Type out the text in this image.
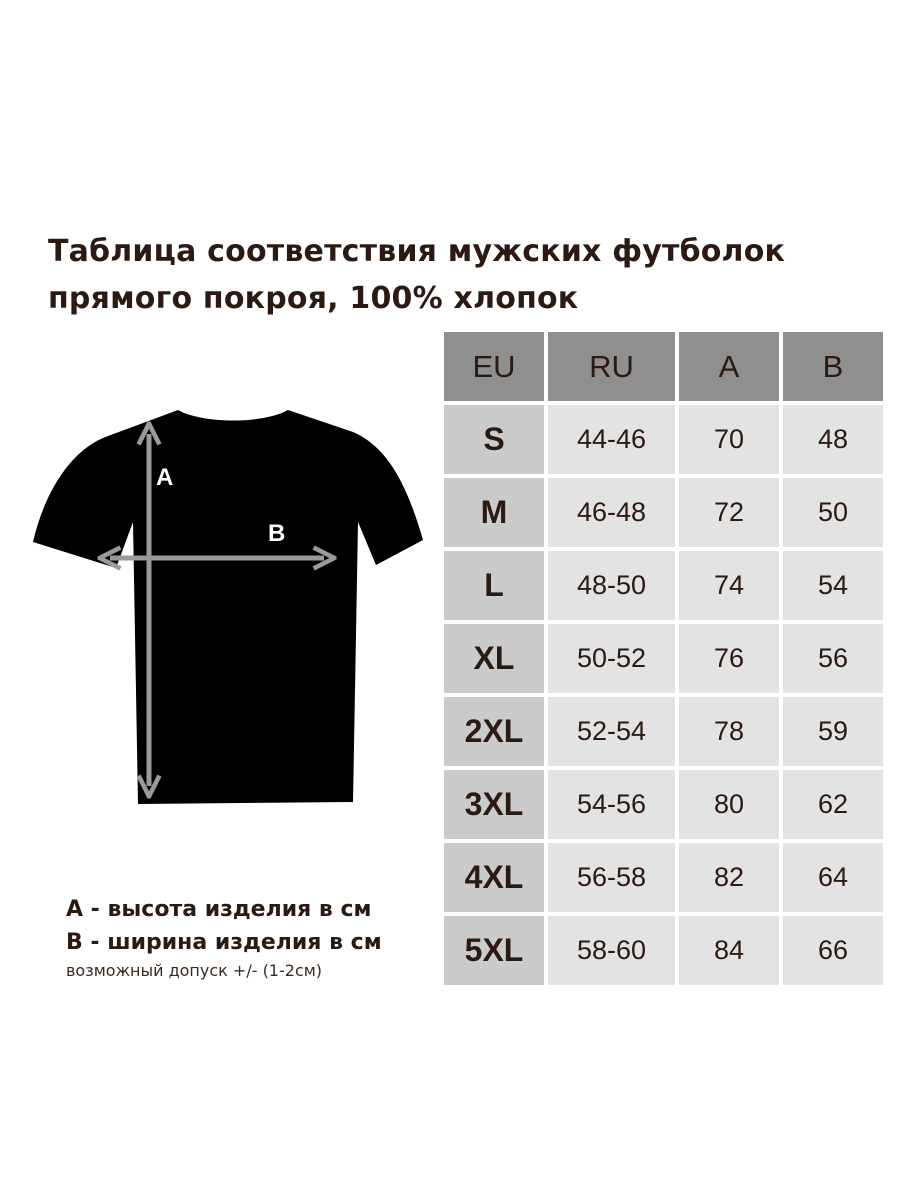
Таблица соответствия мужских футболок
прямого покроя, 100% хлопок
A
B
A - высота изделия в см
B - ширина изделия в см
возможный допуск +/- (1-2см)
EU	RU	A	B
S	44-46	70	48
M	46-48	72	50
L	48-50	74	54
XL	50-52	76	56
2XL	52-54	78	59
3XL	54-56	80	62
4XL	56-58	82	64
5XL	58-60	84	66
